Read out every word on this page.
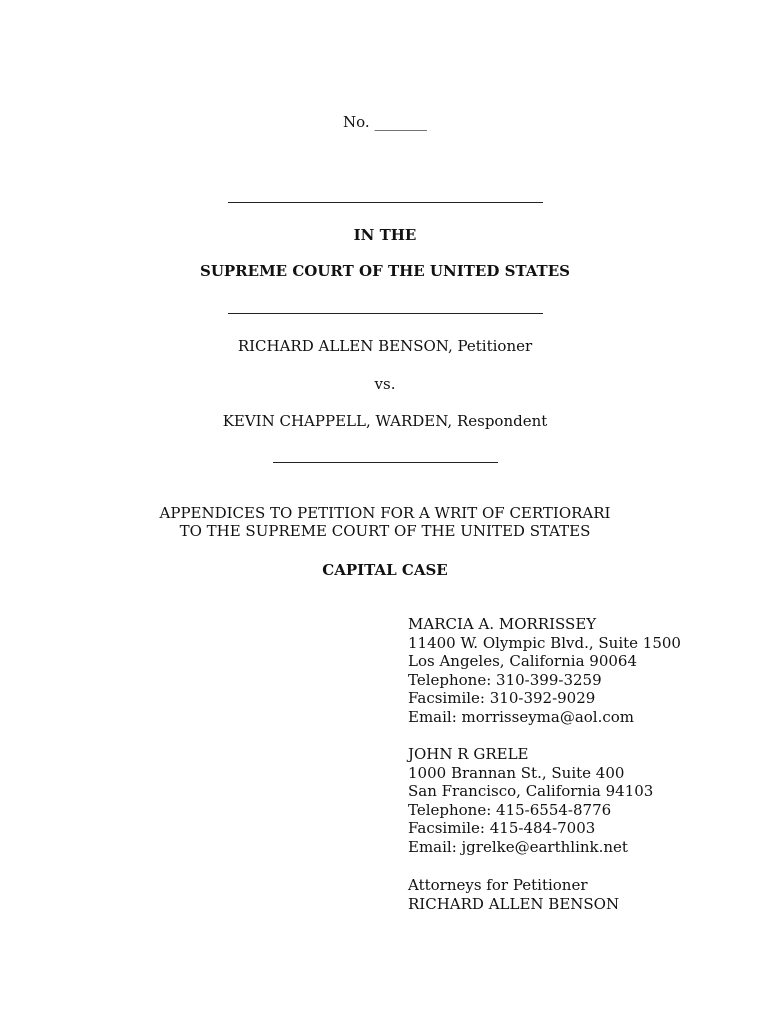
No. _______
IN THE
SUPREME COURT OF THE UNITED STATES
RICHARD ALLEN BENSON, Petitioner
vs.
KEVIN CHAPPELL, WARDEN, Respondent
APPENDICES TO PETITION FOR A WRIT OF CERTIORARI
TO THE SUPREME COURT OF THE UNITED STATES
CAPITAL CASE
MARCIA A. MORRISSEY
11400 W. Olympic Blvd., Suite 1500
Los Angeles, California 90064
Telephone: 310-399-3259
Facsimile: 310-392-9029
Email: morrisseyma@aol.com
JOHN R GRELE
1000 Brannan St., Suite 400
San Francisco, California 94103
Telephone: 415-6554-8776
Facsimile: 415-484-7003
Email: jgrelke@earthlink.net
Attorneys for Petitioner
RICHARD ALLEN BENSON
